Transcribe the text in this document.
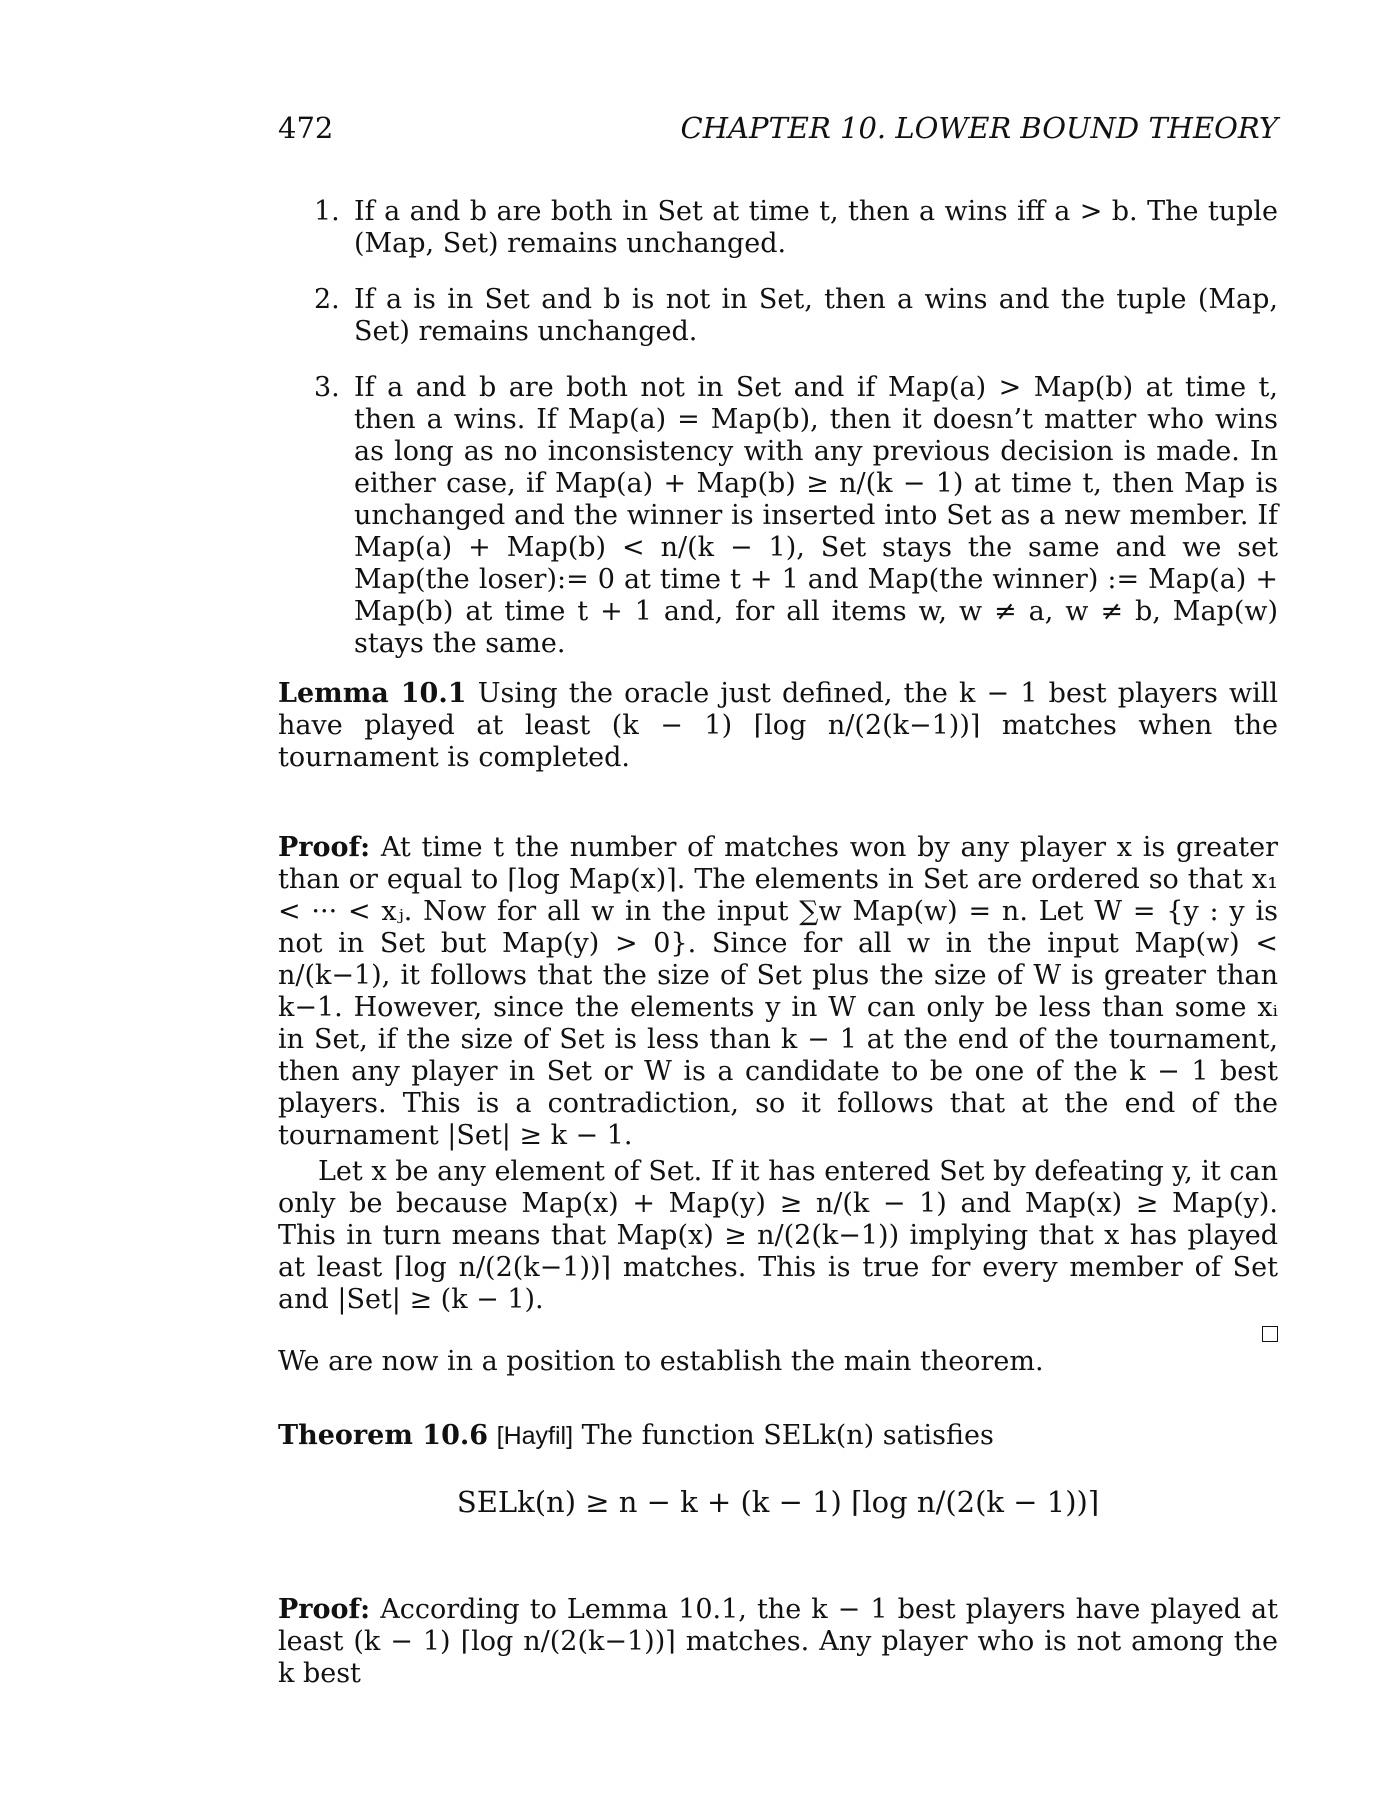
472	CHAPTER 10. LOWER BOUND THEORY
1. If a and b are both in Set at time t, then a wins iff a > b. The tuple (Map, Set) remains unchanged.
2. If a is in Set and b is not in Set, then a wins and the tuple (Map, Set) remains unchanged.
3. If a and b are both not in Set and if Map(a) > Map(b) at time t, then a wins. If Map(a) = Map(b), then it doesn’t matter who wins as long as no inconsistency with any previous decision is made. In either case, if Map(a) + Map(b) ≥ n/(k − 1) at time t, then Map is unchanged and the winner is inserted into Set as a new member. If Map(a) + Map(b) < n/(k − 1), Set stays the same and we set Map(the loser):= 0 at time t + 1 and Map(the winner) := Map(a) + Map(b) at time t + 1 and, for all items w, w ≠ a, w ≠ b, Map(w) stays the same.
Lemma 10.1 Using the oracle just defined, the k − 1 best players will have played at least (k − 1) ⌈log n/(2(k−1))⌉ matches when the tournament is completed.
Proof: At time t the number of matches won by any player x is greater than or equal to ⌈log Map(x)⌉. The elements in Set are ordered so that x₁ < ··· < xⱼ. Now for all w in the input ∑w Map(w) = n. Let W = {y : y is not in Set but Map(y) > 0}. Since for all w in the input Map(w) < n/(k−1), it follows that the size of Set plus the size of W is greater than k−1. However, since the elements y in W can only be less than some xᵢ in Set, if the size of Set is less than k − 1 at the end of the tournament, then any player in Set or W is a candidate to be one of the k − 1 best players. This is a contradiction, so it follows that at the end of the tournament |Set| ≥ k − 1.
Let x be any element of Set. If it has entered Set by defeating y, it can only be because Map(x) + Map(y) ≥ n/(k − 1) and Map(x) ≥ Map(y). This in turn means that Map(x) ≥ n/(2(k−1)) implying that x has played at least ⌈log n/(2(k−1))⌉ matches. This is true for every member of Set and |Set| ≥ (k − 1).
We are now in a position to establish the main theorem.
Theorem 10.6 [Hayfil] The function SELk(n) satisfies
SELk(n) ≥ n − k + (k − 1) ⌈log n/(2(k − 1))⌉
Proof: According to Lemma 10.1, the k − 1 best players have played at least (k − 1) ⌈log n/(2(k−1))⌉ matches. Any player who is not among the k best
